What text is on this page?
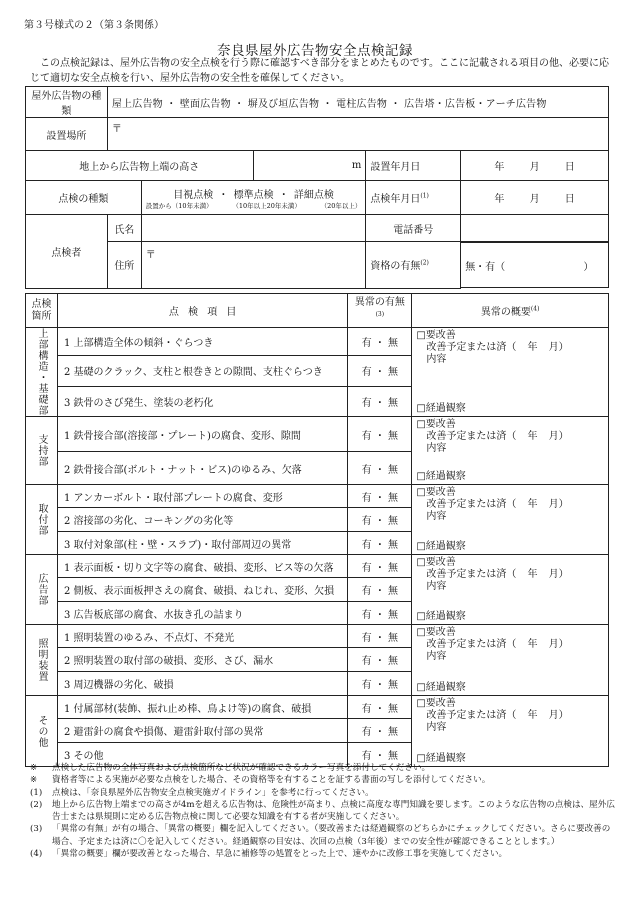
第３号様式の２（第３条関係）
奈良県屋外広告物安全点検記録
この点検記録は、屋外広告物の安全点検を行う際に確認すべき部分をまとめたものです。ここに記載される項目の他、必要に応じて適切な安全点検を行い、屋外広告物の安全性を確保してください。
屋外広告物の種類	屋上広告物 ・ 壁面広告物 ・ 塀及び垣広告物 ・ 電柱広告物 ・ 広告塔・広告板・アーチ広告物				
設置場所	〒				
地上から広告物上端の高さ			m	設置年月日	年 月 日
点検の種類		目視点検 ・ 標準点検 ・ 詳細点検
設置から（10年未満） （10年以上20年未満） （20年以上）		点検年月日$^{(1)}$	年 月 日
点検者	氏名			電話番号	
	住所	〒		資格の有無$^{(2)}$		無・有（	）
点検箇所	点 検 項 目	異常の有無$^{(3)}$	異常の概要$^{(4)}$

上部構造・基礎部	1 上部構造全体の傾斜・ぐらつき	有 ・ 無	□要改善
改善予定または済（ 年 月）
内容
□経過観察

	2 基礎のクラック、支柱と根巻きとの隙間、支柱ぐらつき	有 ・ 無	
	3 鉄骨のさび発生、塗装の老朽化	有 ・ 無	

支持部	1 鉄骨接合部(溶接部・プレート)の腐食、変形、隙間	有 ・ 無	□要改善
改善予定または済（ 年 月）
内容
□経過観察

	2 鉄骨接合部(ボルト・ナット・ビス)のゆるみ、欠落	有 ・ 無	

取付部	1 アンカーボルト・取付部プレートの腐食、変形	有 ・ 無	□要改善
改善予定または済（ 年 月）
内容
□経過観察

	2 溶接部の劣化、コーキングの劣化等	有 ・ 無	
	3 取付対象部(柱・壁・スラブ)・取付部周辺の異常	有 ・ 無	

広告部	1 表示面板・切り文字等の腐食、破損、変形、ビス等の欠落	有 ・ 無	□要改善
改善予定または済（ 年 月）
内容
□経過観察

	2 側板、表示面板押さえの腐食、破損、ねじれ、変形、欠損	有 ・ 無	
	3 広告板底部の腐食、水抜き孔の詰まり	有 ・ 無	

照明装置	1 照明装置のゆるみ、不点灯、不発光	有 ・ 無	□要改善
改善予定または済（ 年 月）
内容
□経過観察

	2 照明装置の取付部の破損、変形、さび、漏水	有 ・ 無	
	3 周辺機器の劣化、破損	有 ・ 無	

その他	1 付属部材(装飾、振れ止め棒、鳥よけ等)の腐食、破損	有 ・ 無	□要改善
改善予定または済（ 年 月）
内容
□経過観察

	2 避雷針の腐食や損傷、避雷針取付部の異常	有 ・ 無	
	3 その他	有 ・ 無	
※	点検した広告物の全体写真および点検箇所など状況が確認できるカラー写真を添付してください。
※	資格者等による実施が必要な点検をした場合、その資格等を有することを証する書面の写しを添付してください。
(1)	点検は、「奈良県屋外広告物安全点検実施ガイドライン」を参考に行ってください。
(2)	地上から広告物上端までの高さが4mを超える広告物は、危険性が高まり、点検に高度な専門知識を要します。このような広告物の点検は、屋外広告士または県規則に定める広告物点検に関して必要な知識を有する者が実施してください。
(3)	「異常の有無」が有の場合、「異常の概要」欄を記入してください。（要改善または経過観察のどちらかにチェックしてください。さらに要改善の場合、予定または済に〇を記入してください。経過観察の目安は、次回の点検（3年後）までの安全性が確認できることとします。）
(4)	「異常の概要」欄が要改善となった場合、早急に補修等の処置をとった上で、速やかに改修工事を実施してください。
